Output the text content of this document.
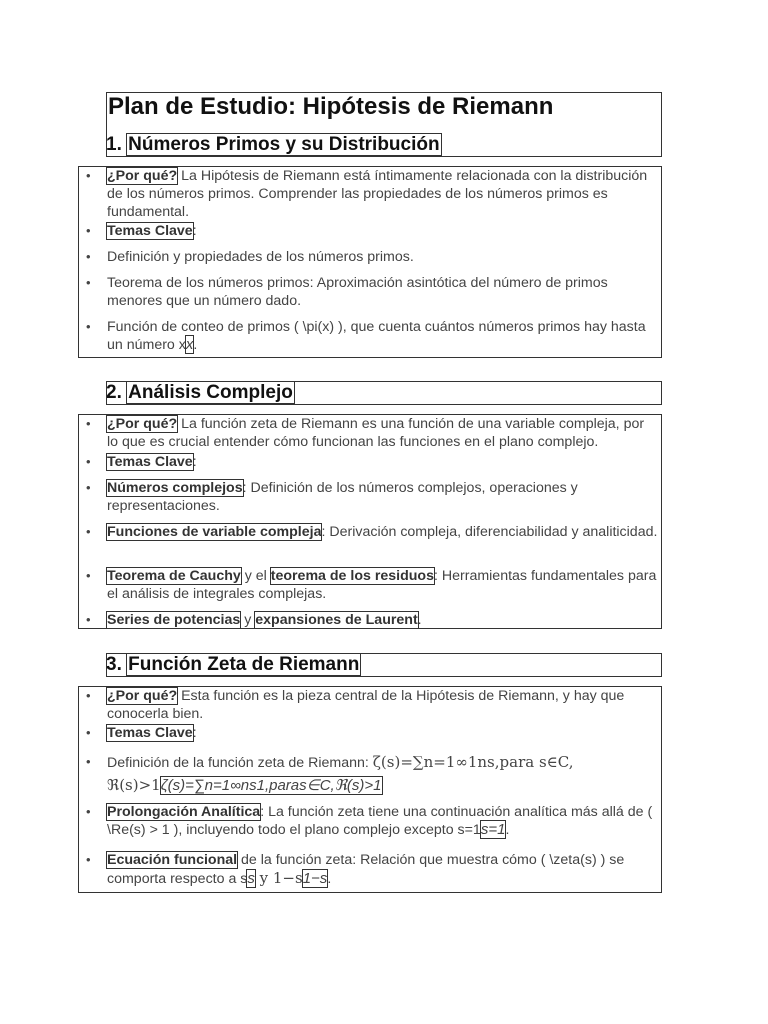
Plan de Estudio: Hipótesis de Riemann
1. Números Primos y su Distribución
• ¿Por qué? La Hipótesis de Riemann está íntimamente relacionada con la distribución de los números primos. Comprender las propiedades de los números primos es fundamental.
• Temas Clave:
• Definición y propiedades de los números primos.
• Teorema de los números primos: Aproximación asintótica del número de primos menores que un número dado.
• Función de conteo de primos ( \pi(x) ), que cuenta cuántos números primos hay hasta un número xx.
2. Análisis Complejo
• ¿Por qué? La función zeta de Riemann es una función de una variable compleja, por lo que es crucial entender cómo funcionan las funciones en el plano complejo.
• Temas Clave:
• Números complejos: Definición de los números complejos, operaciones y representaciones.
• Funciones de variable compleja: Derivación compleja, diferenciabilidad y analiticidad.
• Teorema de Cauchy y el teorema de los residuos: Herramientas fundamentales para el análisis de integrales complejas.
• Series de potencias y expansiones de Laurent.
3. Función Zeta de Riemann
• ¿Por qué? Esta función es la pieza central de la Hipótesis de Riemann, y hay que conocerla bien.
• Temas Clave:
• Definición de la función zeta de Riemann: ζ(s)=∑n=1∞1ns,para s∈C,
ℜ(s)>1ζ(s)=∑n=1∞ns1,paras∈C,ℜ(s)>1
• Prolongación Analítica: La función zeta tiene una continuación analítica más allá de ( \Re(s) > 1 ), incluyendo todo el plano complejo excepto s=1s=1.
• Ecuación funcional de la función zeta: Relación que muestra cómo ( \zeta(s) ) se comporta respecto a ss y 1−s1−s.
